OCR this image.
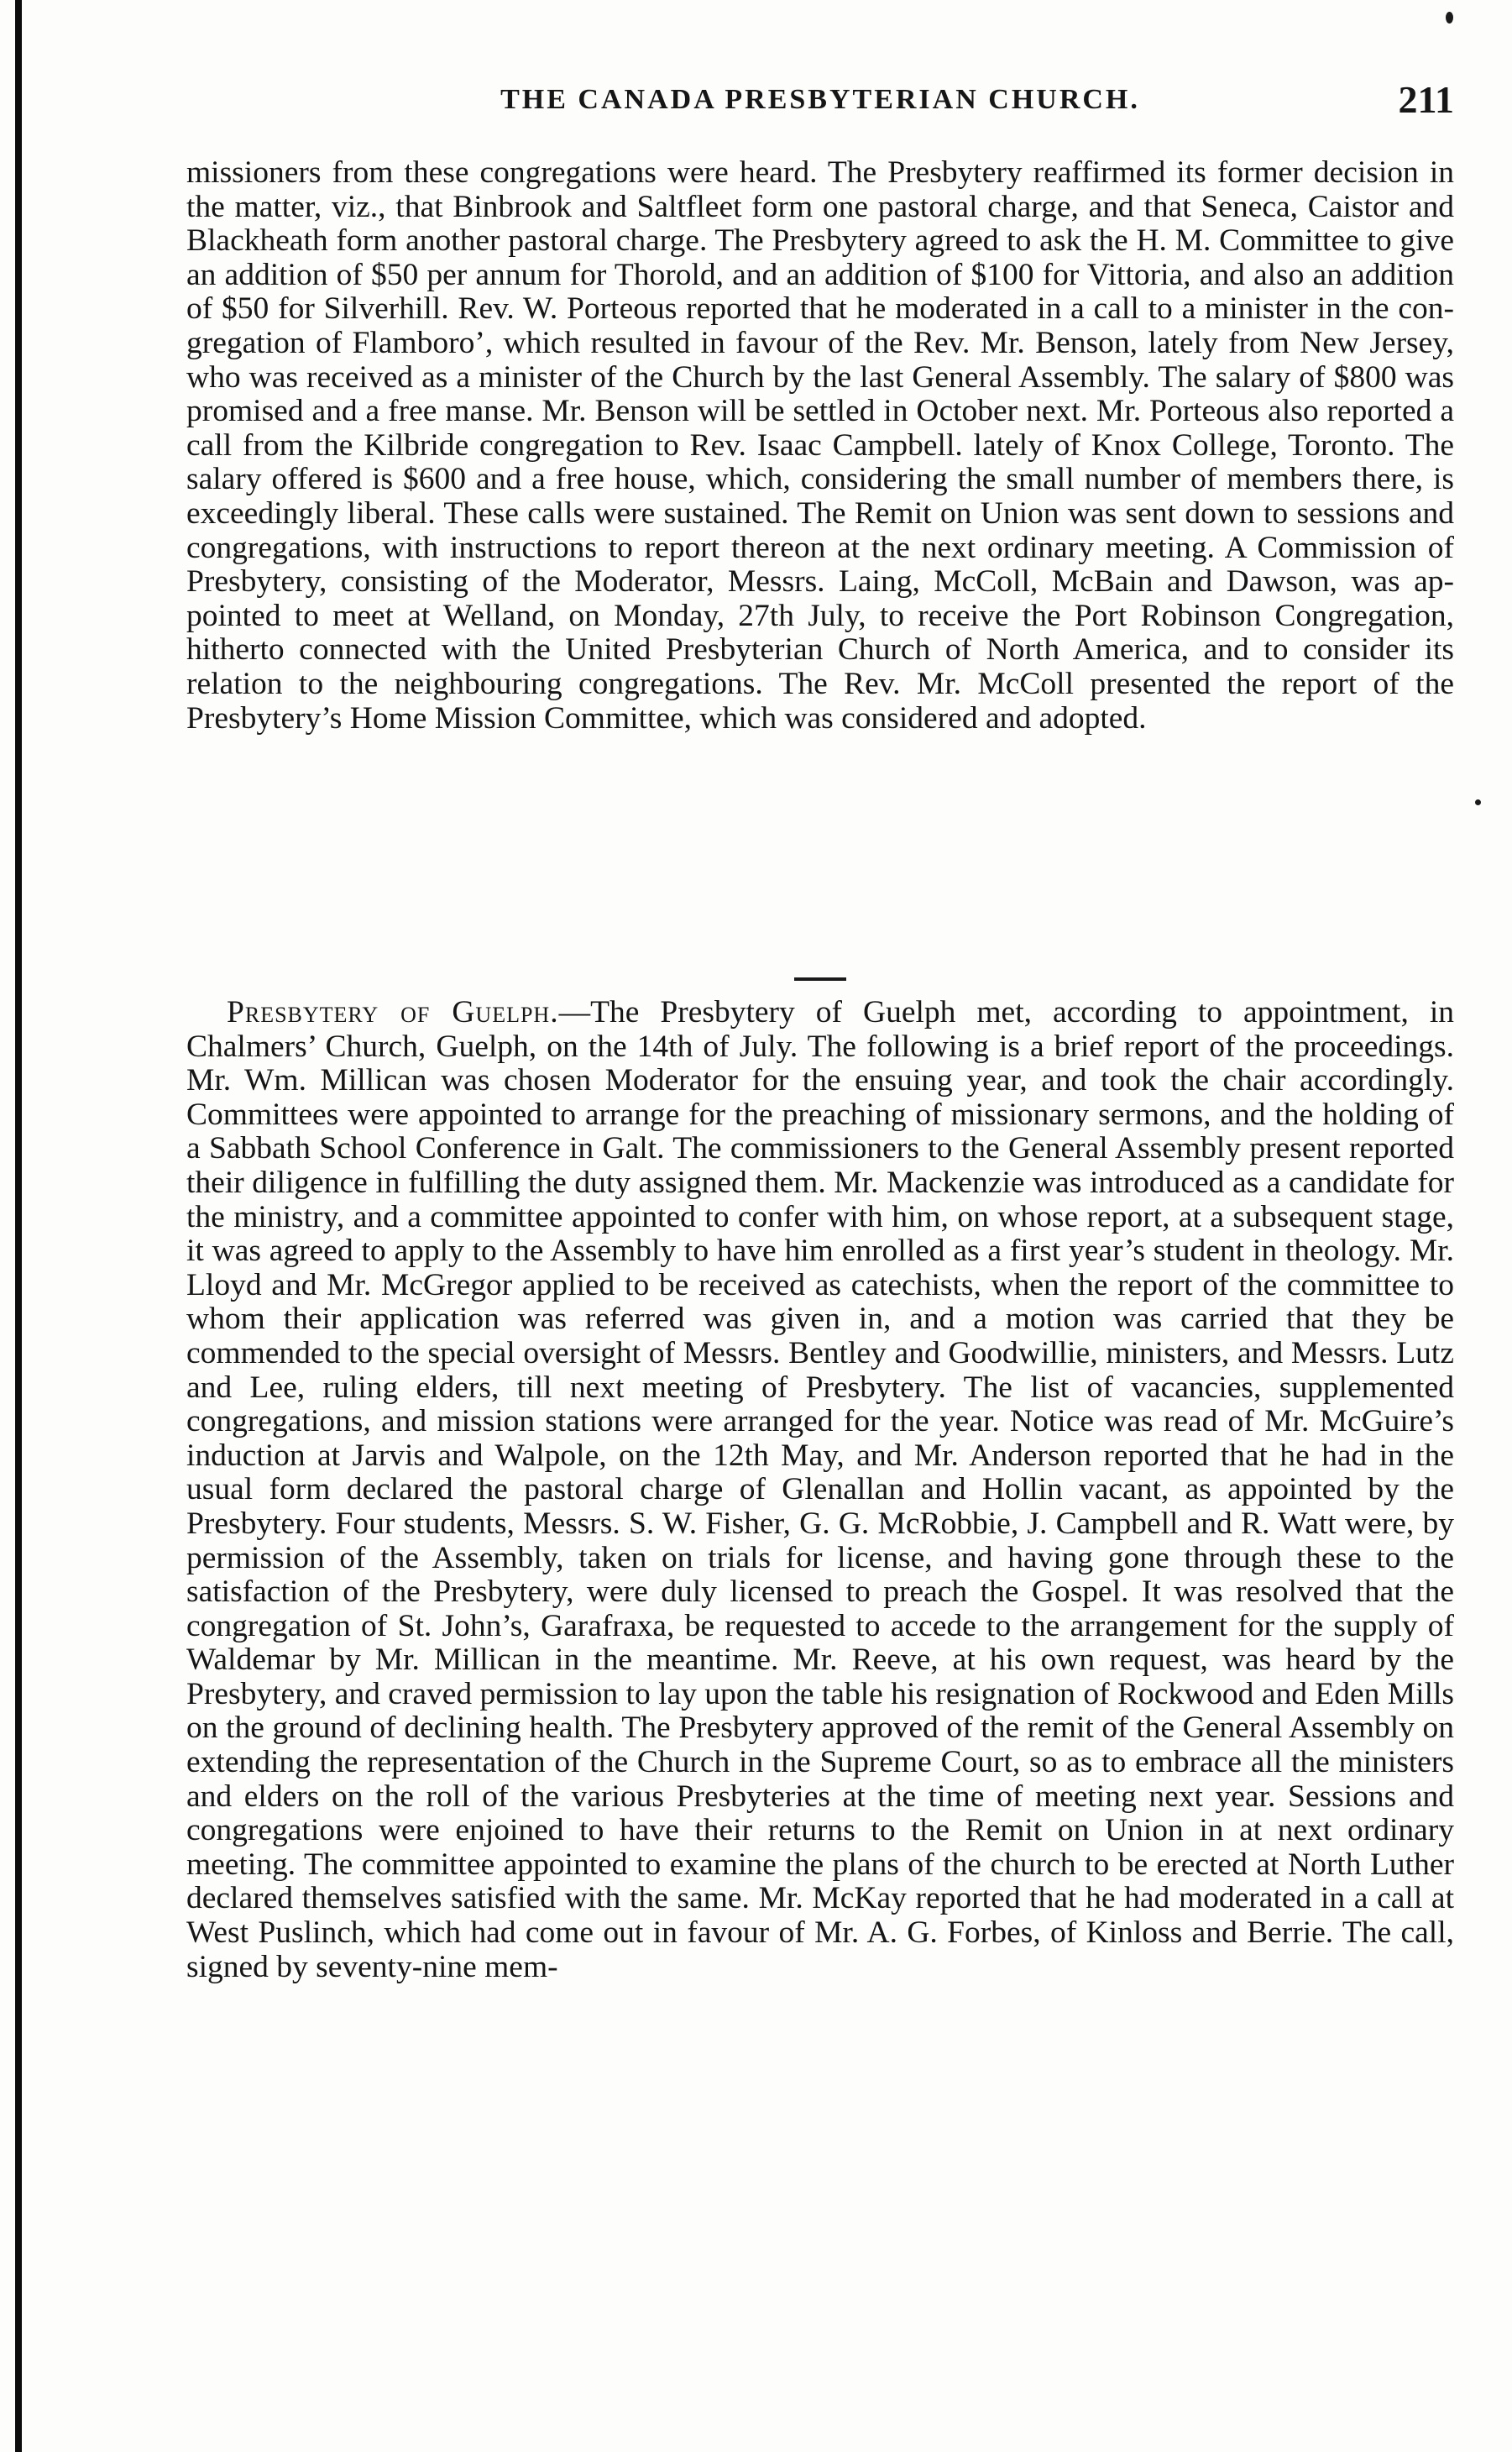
THE CANADA PRESBYTERIAN CHURCH.	211

missioners from these congregations were heard. The Presbytery reaffirmed its former decision in the matter, viz., that Binbrook and Saltfleet form one pastoral charge, and that Seneca, Caistor and Blackheath form another pastoral charge. The Presbytery agreed to ask the H. M. Committee to give an addition of $50 per annum for Thorold, and an addition of $100 for Vittoria, and also an addition of $50 for Silverhill. Rev. W. Porteous reported that he moderated in a call to a minister in the congregation of Flamboro’, which resulted in favour of the Rev. Mr. Benson, lately from New Jersey, who was received as a minister of the Church by the last General Assembly. The salary of $800 was promised and a free manse. Mr. Benson will be settled in October next. Mr. Porteous also reported a call from the Kilbride congregation to Rev. Isaac Campbell. lately of Knox College, Toronto. The salary offered is $600 and a free house, which, considering the small number of members there, is exceedingly liberal. These calls were sustained. The Remit on Union was sent down to sessions and congregations, with instructions to report thereon at the next ordinary meeting. A Commission of Presbytery, consisting of the Moderator, Messrs. Laing, McColl, McBain and Dawson, was appointed to meet at Welland, on Monday, 27th July, to receive the Port Robinson Congregation, hitherto connected with the United Presbyterian Church of North America, and to consider its relation to the neighbouring congregations. The Rev. Mr. McColl presented the report of the Presbytery’s Home Mission Committee, which was considered and adopted.

Presbytery of Guelph.—The Presbytery of Guelph met, according to appointment, in Chalmers’ Church, Guelph, on the 14th of July. The following is a brief report of the proceedings. Mr. Wm. Millican was chosen Moderator for the ensuing year, and took the chair accordingly. Committees were appointed to arrange for the preaching of missionary sermons, and the holding of a Sabbath School Conference in Galt. The commissioners to the General Assembly present reported their diligence in fulfilling the duty assigned them. Mr. Mackenzie was introduced as a candidate for the ministry, and a committee appointed to confer with him, on whose report, at a subsequent stage, it was agreed to apply to the Assembly to have him enrolled as a first year’s student in theology. Mr. Lloyd and Mr. McGregor applied to be received as catechists, when the report of the committee to whom their application was referred was given in, and a motion was carried that they be commended to the special oversight of Messrs. Bentley and Goodwillie, ministers, and Messrs. Lutz and Lee, ruling elders, till next meeting of Presbytery. The list of vacancies, supplemented congregations, and mission stations were arranged for the year. Notice was read of Mr. McGuire’s induction at Jarvis and Walpole, on the 12th May, and Mr. Anderson reported that he had in the usual form declared the pastoral charge of Glenallan and Hollin vacant, as appointed by the Presbytery. Four students, Messrs. S. W. Fisher, G. G. McRobbie, J. Campbell and R. Watt were, by permission of the Assembly, taken on trials for license, and having gone through these to the satisfaction of the Presbytery, were duly licensed to preach the Gospel. It was resolved that the congregation of St. John’s, Garafraxa, be requested to accede to the arrangement for the supply of Waldemar by Mr. Millican in the meantime. Mr. Reeve, at his own request, was heard by the Presbytery, and craved permission to lay upon the table his resignation of Rockwood and Eden Mills on the ground of declining health. The Presbytery approved of the remit of the General Assembly on extending the representation of the Church in the Supreme Court, so as to embrace all the ministers and elders on the roll of the various Presbyteries at the time of meeting next year. Sessions and congregations were enjoined to have their returns to the Remit on Union in at next ordinary meeting. The committee appointed to examine the plans of the church to be erected at North Luther declared themselves satisfied with the same. Mr. McKay reported that he had moderated in a call at West Puslinch, which had come out in favour of Mr. A. G. Forbes, of Kinloss and Berrie. The call, signed by seventy-nine mem-
